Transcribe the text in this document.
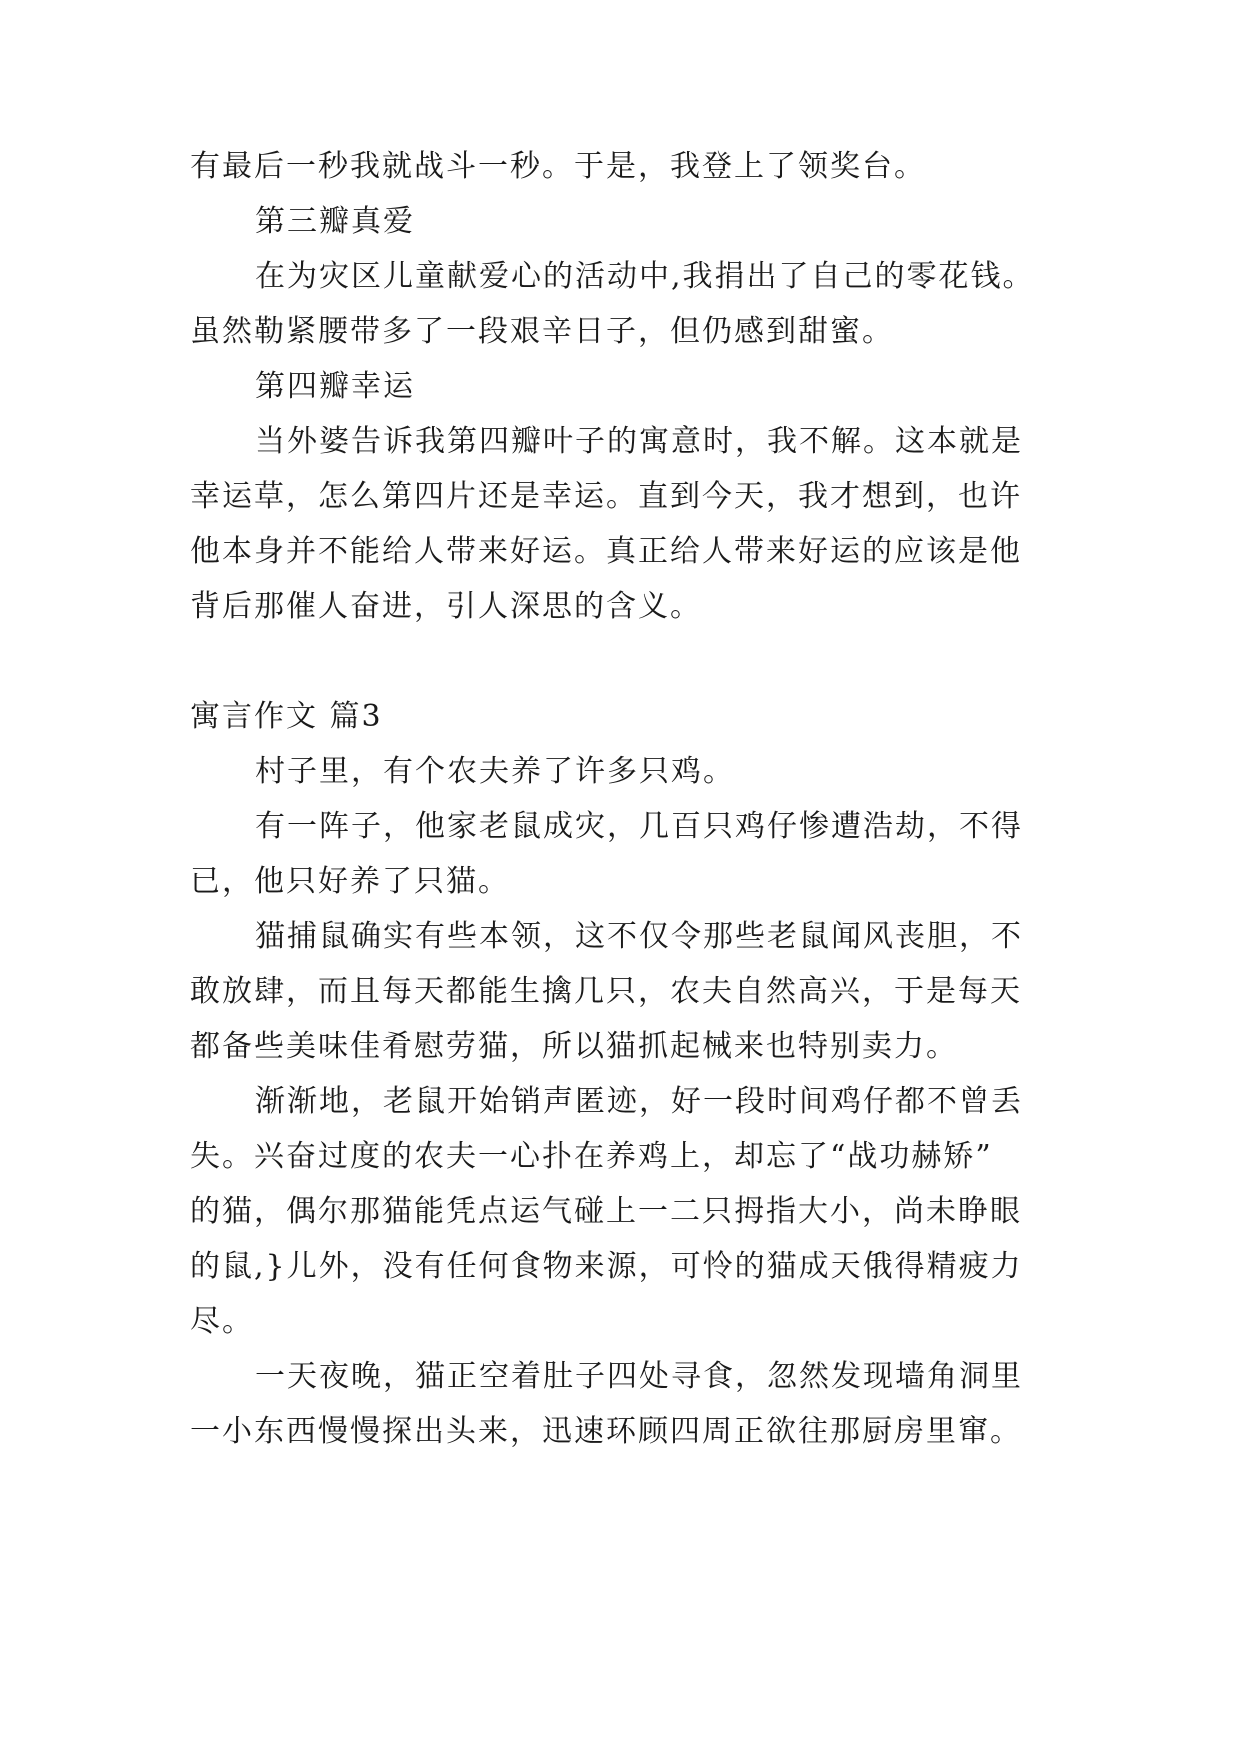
有最后一秒我就战斗一秒。于是，我登上了领奖台。
第三瓣真爱
在为灾区儿童献爱心的活动中,我捐出了自己的零花钱。
虽然勒紧腰带多了一段艰辛日子，但仍感到甜蜜。
第四瓣幸运
当外婆告诉我第四瓣叶子的寓意时，我不解。这本就是
幸运草，怎么第四片还是幸运。直到今天，我才想到，也许
他本身并不能给人带来好运。真正给人带来好运的应该是他
背后那催人奋进，引人深思的含义。
寓言作文 篇3
村子里，有个农夫养了许多只鸡。
有一阵子，他家老鼠成灾，几百只鸡仔惨遭浩劫，不得
已，他只好养了只猫。
猫捕鼠确实有些本领，这不仅令那些老鼠闻风丧胆，不
敢放肆，而且每天都能生擒几只，农夫自然高兴，于是每天
都备些美味佳肴慰劳猫，所以猫抓起械来也特别卖力。
渐渐地，老鼠开始销声匿迹，好一段时间鸡仔都不曾丢
失。兴奋过度的农夫一心扑在养鸡上，却忘了“战功赫矫”
的猫，偶尔那猫能凭点运气碰上一二只拇指大小，尚未睁眼
的鼠,}儿外，没有任何食物来源，可怜的猫成天俄得精疲力
尽。
一天夜晚，猫正空着肚子四处寻食，忽然发现墙角洞里
一小东西慢慢探出头来，迅速环顾四周正欲往那厨房里窜。
